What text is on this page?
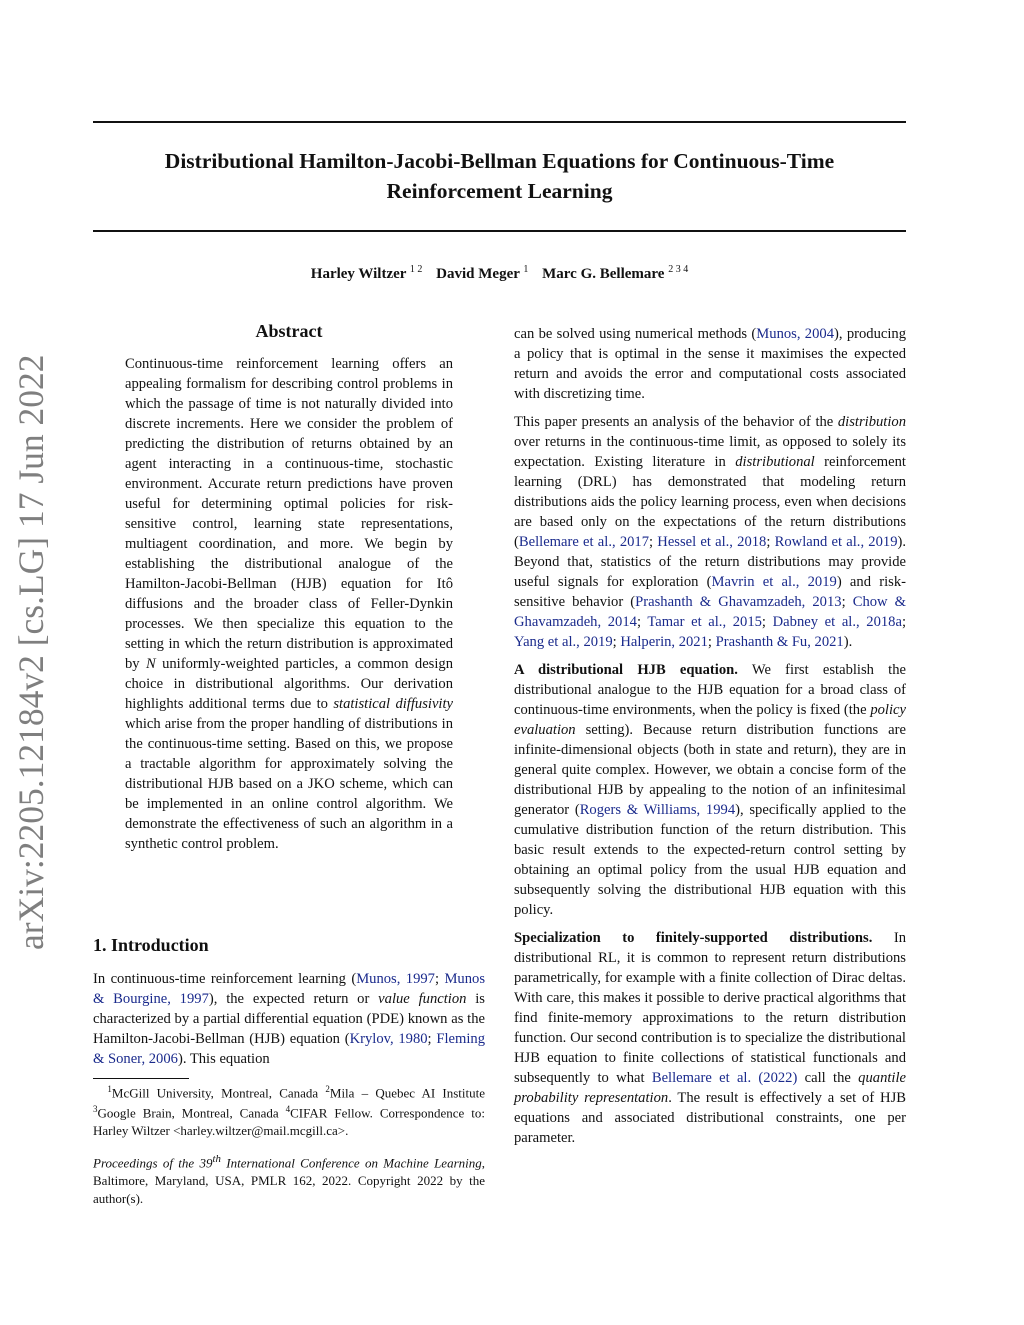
Distributional Hamilton-Jacobi-Bellman Equations for Continuous-Time
Reinforcement Learning
Harley Wiltzer $^{1 2}$ David Meger $^1$ Marc G. Bellemare $^{2 3 4}$
arXiv:2205.12184v2 [cs.LG] 17 Jun 2022
Abstract
Continuous-time reinforcement learning offers an appealing formalism for describing control problems in which the passage of time is not naturally divided into discrete increments. Here we consider the problem of predicting the distribution of returns obtained by an agent interacting in a continuous-time, stochastic environment. Accurate return predictions have proven useful for determining optimal policies for risk-sensitive control, learning state representations, multiagent coordination, and more. We begin by establishing the distributional analogue of the Hamilton-Jacobi-Bellman (HJB) equation for Itô diffusions and the broader class of Feller-Dynkin processes. We then specialize this equation to the setting in which the return distribution is approximated by N uniformly-weighted particles, a common design choice in distributional algorithms. Our derivation highlights additional terms due to statistical diffusivity which arise from the proper handling of distributions in the continuous-time setting. Based on this, we propose a tractable algorithm for approximately solving the distributional HJB based on a JKO scheme, which can be implemented in an online control algorithm. We demonstrate the effectiveness of such an algorithm in a synthetic control problem.
1. Introduction
In continuous-time reinforcement learning (Munos, 1997; Munos & Bourgine, 1997), the expected return or value function is characterized by a partial differential equation (PDE) known as the Hamilton-Jacobi-Bellman (HJB) equation (Krylov, 1980; Fleming & Soner, 2006). This equation
$^1$McGill University, Montreal, Canada $^2$Mila – Quebec AI Institute $^3$Google Brain, Montreal, Canada $^4$CIFAR Fellow. Correspondence to: Harley Wiltzer <harley.wiltzer@mail.mcgill.ca>.
Proceedings of the 39th International Conference on Machine Learning, Baltimore, Maryland, USA, PMLR 162, 2022. Copyright 2022 by the author(s).

can be solved using numerical methods (Munos, 2004), producing a policy that is optimal in the sense it maximises the expected return and avoids the error and computational costs associated with discretizing time.

This paper presents an analysis of the behavior of the distribution over returns in the continuous-time limit, as opposed to solely its expectation. Existing literature in distributional reinforcement learning (DRL) has demonstrated that modeling return distributions aids the policy learning process, even when decisions are based only on the expectations of the return distributions (Bellemare et al., 2017; Hessel et al., 2018; Rowland et al., 2019). Beyond that, statistics of the return distributions may provide useful signals for exploration (Mavrin et al., 2019) and risk-sensitive behavior (Prashanth & Ghavamzadeh, 2013; Chow & Ghavamzadeh, 2014; Tamar et al., 2015; Dabney et al., 2018a; Yang et al., 2019; Halperin, 2021; Prashanth & Fu, 2021).

A distributional HJB equation. We first establish the distributional analogue to the HJB equation for a broad class of continuous-time environments, when the policy is fixed (the policy evaluation setting). Because return distribution functions are infinite-dimensional objects (both in state and return), they are in general quite complex. However, we obtain a concise form of the distributional HJB by appealing to the notion of an infinitesimal generator (Rogers & Williams, 1994), specifically applied to the cumulative distribution function of the return distribution. This basic result extends to the expected-return control setting by obtaining an optimal policy from the usual HJB equation and subsequently solving the distributional HJB equation with this policy.

Specialization to finitely-supported distributions. In distributional RL, it is common to represent return distributions parametrically, for example with a finite collection of Dirac deltas. With care, this makes it possible to derive practical algorithms that find finite-memory approximations to the return distribution function. Our second contribution is to specialize the distributional HJB equation to finite collections of statistical functionals and subsequently to what Bellemare et al. (2022) call the quantile probability representation. The result is effectively a set of HJB equations and associated distributional constraints, one per parameter.
